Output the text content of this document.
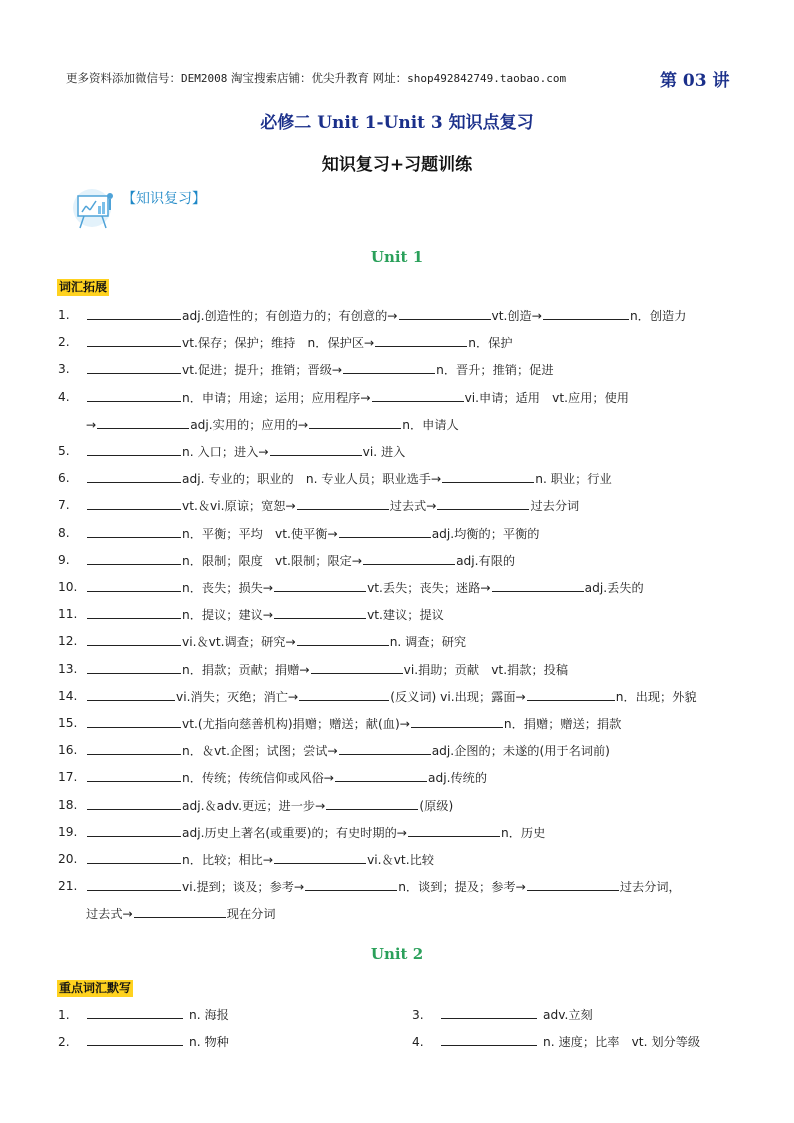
更多资料添加微信号：DEM2008 淘宝搜索店铺：优尖升教育 网址：shop492842749.taobao.com	第 03 讲
必修二 Unit 1-Unit 3 知识点复习
知识复习+习题训练
【知识复习】
Unit 1
词汇拓展
1.	adj.创造性的；有创造力的；有创意的→	vt.创造→	n．创造力
2.	vt.保存；保护；维持　n．保护区→	n．保护
3.	vt.促进；提升；推销；晋级→	n．晋升；推销；促进
4.	n．申请；用途；运用；应用程序→	vi.申请；适用　vt.应用；使用
→	adj.实用的；应用的→	n．申请人
5.	n. 入口；进入→	vi. 进入
6.	adj. 专业的；职业的　n. 专业人员；职业选手→	n. 职业；行业
7.	vt.＆vi.原谅；宽恕→	过去式→	过去分词
8.	n．平衡；平均　vt.使平衡→	adj.均衡的；平衡的
9.	n．限制；限度　vt.限制；限定→	adj.有限的
10.	n．丧失；损失→	vt.丢失；丧失；迷路→	adj.丢失的
11.	n．提议；建议→	vt.建议；提议
12.	vi.＆vt.调查；研究→	n. 调查；研究
13.	n．捐款；贡献；捐赠→	vi.捐助；贡献　vt.捐款；投稿
14.	vi.消失；灭绝；消亡→	(反义词) vi.出现；露面→	n．出现；外貌
15.	vt.(尤指向慈善机构)捐赠；赠送；献(血)→	n．捐赠；赠送；捐款
16.	n．＆vt.企图；试图；尝试→	adj.企图的；未遂的(用于名词前)
17.	n．传统；传统信仰或风俗→	adj.传统的
18.	adj.＆adv.更远；进一步→	(原级)
19.	adj.历史上著名(或重要)的；有史时期的→	n．历史
20.	n．比较；相比→	vi.＆vt.比较
21.	vi.提到；谈及；参考→	n．谈到；提及；参考→	过去分词，
过去式→	现在分词
Unit 2
重点词汇默写
1.	n. 海报
2.	n. 物种
3.	adv.立刻
4.	n. 速度；比率　vt. 划分等级
